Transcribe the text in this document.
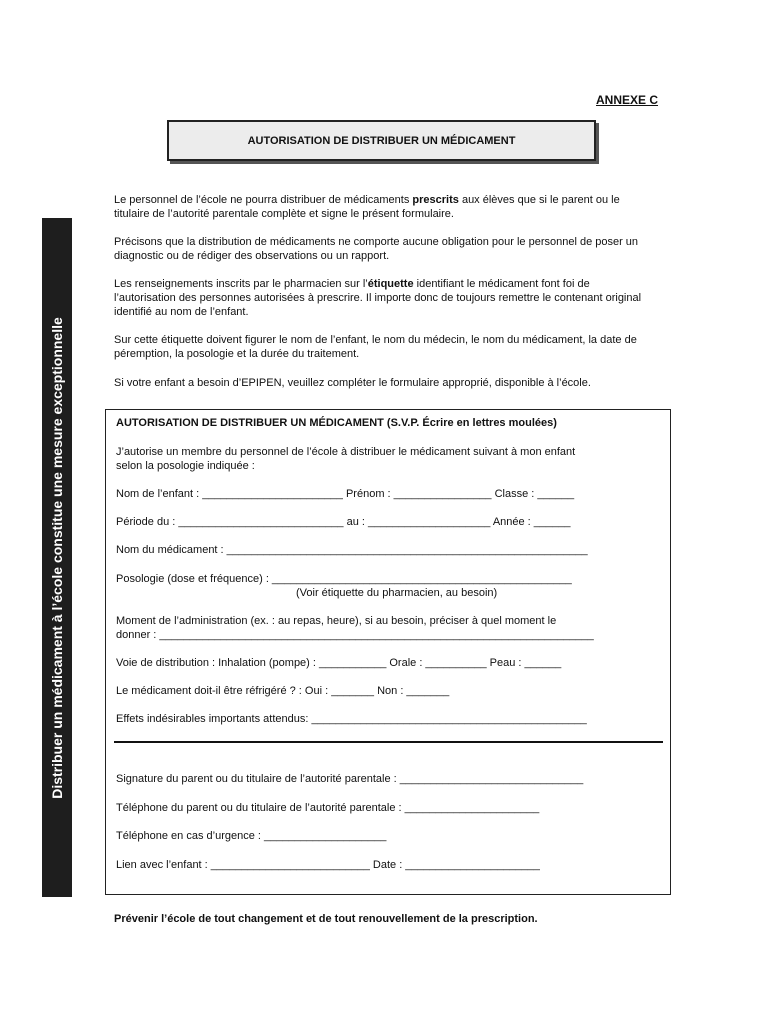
ANNEXE C
AUTORISATION DE DISTRIBUER UN MÉDICAMENT
Distribuer un médicament à l’école constitue une mesure exceptionnelle

Le personnel de l’école ne pourra distribuer de médicaments prescrits aux élèves que si le parent ou le titulaire de l’autorité parentale complète et signe le présent formulaire.

Précisons que la distribution de médicaments ne comporte aucune obligation pour le personnel de poser un diagnostic ou de rédiger des observations ou un rapport.

Les renseignements inscrits par le pharmacien sur l’étiquette identifiant le médicament font foi de l’autorisation des personnes autorisées à prescrire. Il importe donc de toujours remettre le contenant original identifié au nom de l’enfant.

Sur cette étiquette doivent figurer le nom de l’enfant, le nom du médecin, le nom du médicament, la date de péremption, la posologie et la durée du traitement.

Si votre enfant a besoin d’EPIPEN, veuillez compléter le formulaire approprié, disponible à l’école.

AUTORISATION DE DISTRIBUER UN MÉDICAMENT (S.V.P. Écrire en lettres moulées)

J’autorise un membre du personnel de l’école à distribuer le médicament suivant à mon enfant

selon la posologie indiquée :

Nom de l’enfant : _______________________ Prénom : ________________ Classe : ______

Période du : ___________________________ au : ____________________ Année : ______

Nom du médicament : ___________________________________________________________

Posologie (dose et fréquence) : _________________________________________________

(Voir étiquette du pharmacien, au besoin)

Moment de l’administration (ex. : au repas, heure), si au besoin, préciser à quel moment le

donner : _______________________________________________________________________

Voie de distribution : Inhalation (pompe) : ___________ Orale : __________ Peau : ______

Le médicament doit-il être réfrigéré ? : Oui : _______ Non : _______

Effets indésirables importants attendus: _____________________________________________

Signature du parent ou du titulaire de l’autorité parentale : ______________________________

Téléphone du parent ou du titulaire de l’autorité parentale : ______________________

Téléphone en cas d’urgence : ____________________

Lien avec l’enfant : __________________________ Date : ______________________

Prévenir l’école de tout changement et de tout renouvellement de la prescription.
